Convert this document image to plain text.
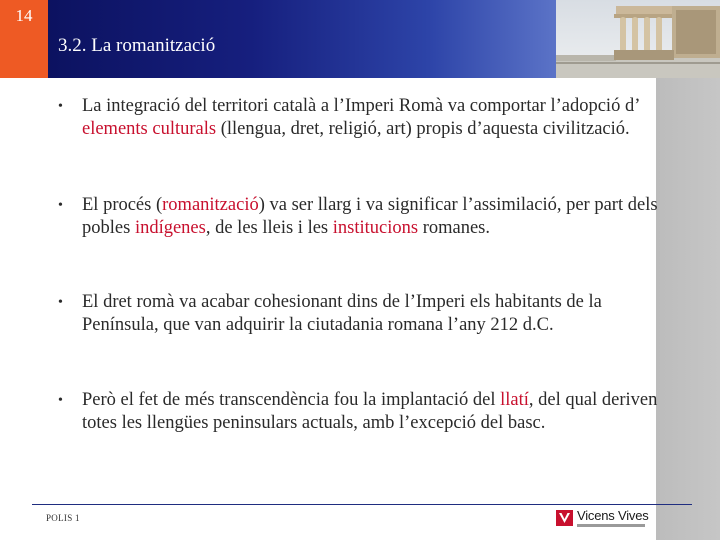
14
3.2. La romanització
• La integració del territori català a l’Imperi Romà va comportar l’adopció d’ elements culturals (llengua, dret, religió, art) propis d’aquesta civilització.
• El procés (romanització) va ser llarg i va significar l’assimilació, per part dels pobles indígenes, de les lleis i les institucions romanes.
• El dret romà va acabar cohesionant dins de l’Imperi els habitants de la Península, que van adquirir la ciutadania romana l’any 212 d.C.
• Però el fet de més transcendència fou la implantació del llatí, del qual deriven totes les llengües peninsulars actuals, amb l’excepció del basc.
POLIS 1	Vicens Vives
